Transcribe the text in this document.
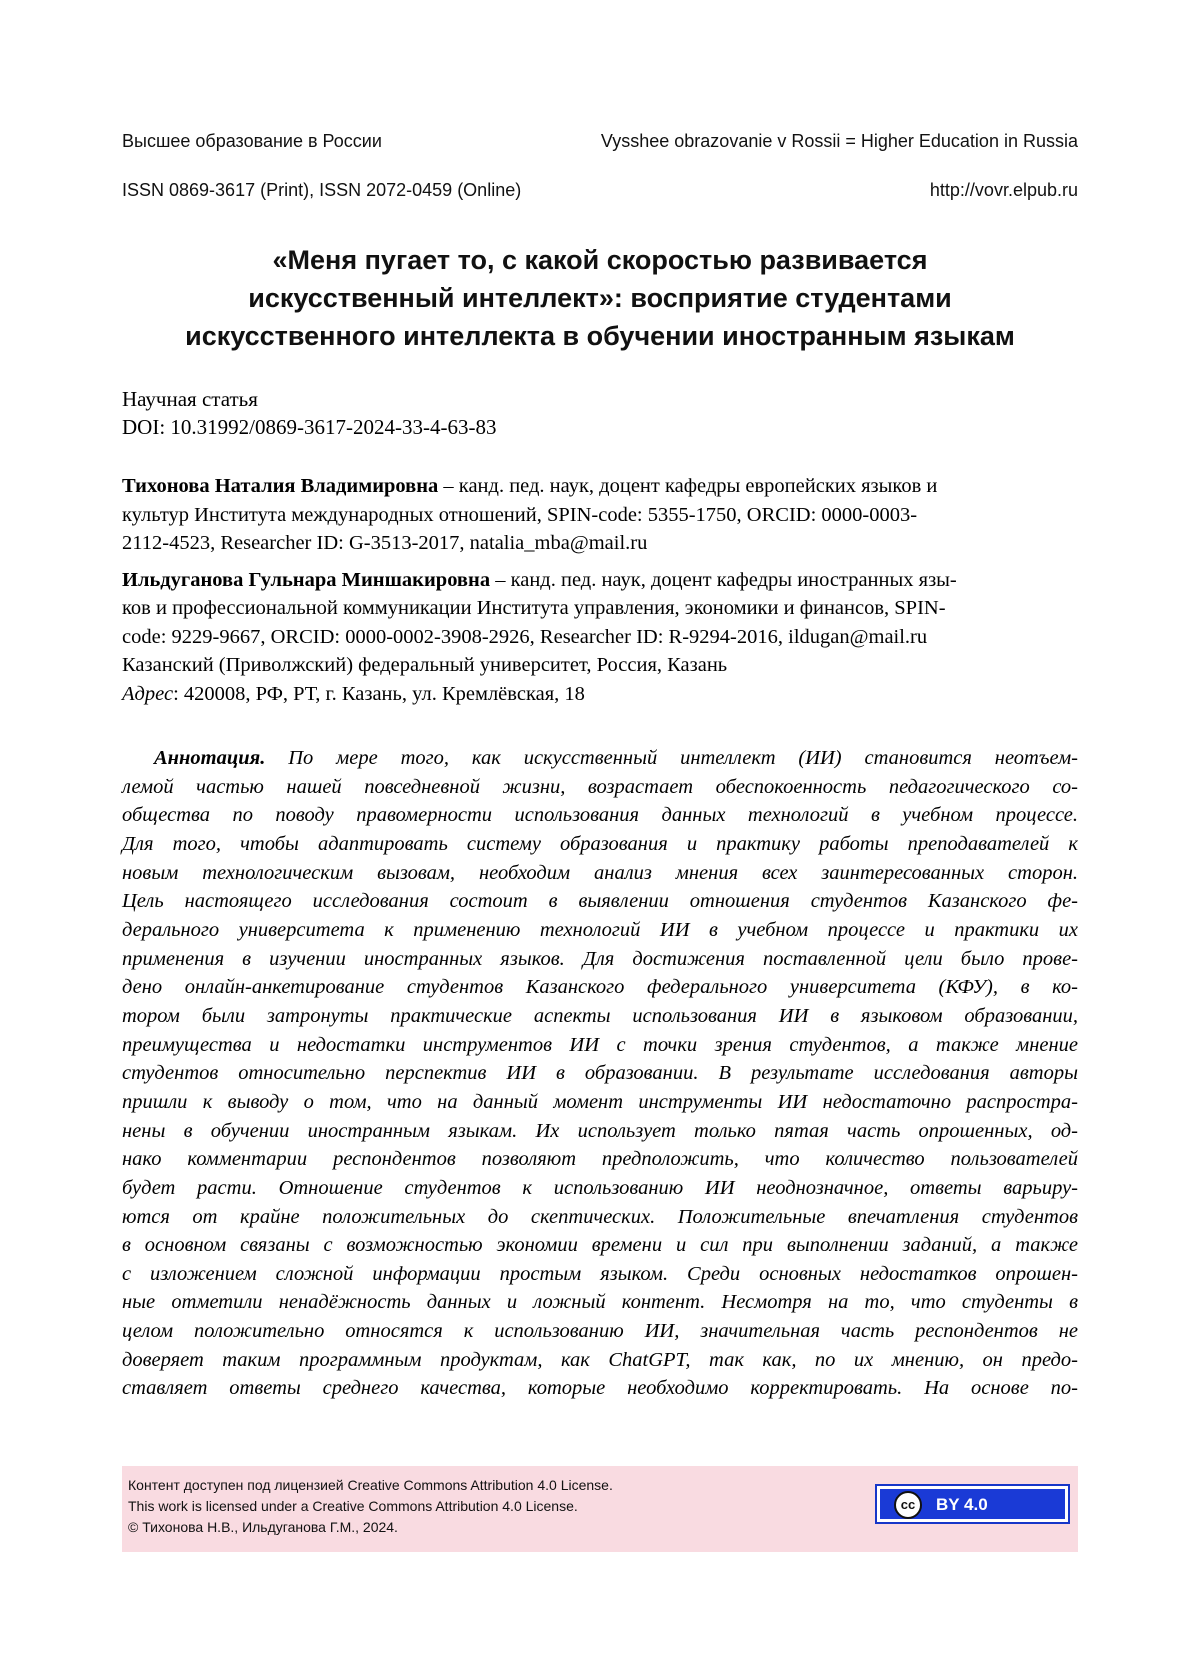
Высшее образование в России	Vysshee obrazovanie v Rossii = Higher Education in Russia
ISSN 0869-3617 (Print), ISSN 2072-0459 (Online)	http://vovr.elpub.ru
«Меня пугает то, с какой скоростью развивается
искусственный интеллект»: восприятие студентами
искусственного интеллекта в обучении иностранным языкам
Научная статья
DOI: 10.31992/0869-3617-2024-33-4-63-83

Тихонова Наталия Владимировна – канд. пед. наук, доцент кафедры европейских языков и
культур Института международных отношений, SPIN-code: 5355-1750, ORCID: 0000-0003-
2112-4523, Researcher ID: G-3513-2017, natalia_mba@mail.ru

Ильдуганова Гульнара Миншакировна – канд. пед. наук, доцент кафедры иностранных язы-
ков и профессиональной коммуникации Института управления, экономики и финансов, SPIN-
code: 9229-9667, ORCID: 0000-0002-3908-2926, Researcher ID: R-9294-2016, ildugan@mail.ru
Казанский (Приволжский) федеральный университет, Россия, Казань
Адрес: 420008, РФ, РТ, г. Казань, ул. Кремлёвская, 18

Аннотация. По мере того, как искусственный интеллект (ИИ) становится неотъем-
лемой частью нашей повседневной жизни, возрастает обеспокоенность педагогического со-
общества по поводу правомерности использования данных технологий в учебном процессе.
Для того, чтобы адаптировать систему образования и практику работы преподавателей к
новым технологическим вызовам, необходим анализ мнения всех заинтересованных сторон.
Цель настоящего исследования состоит в выявлении отношения студентов Казанского фе-
дерального университета к применению технологий ИИ в учебном процессе и практики их
применения в изучении иностранных языков. Для достижения поставленной цели было прове-
дено онлайн-анкетирование студентов Казанского федерального университета (КФУ), в ко-
тором были затронуты практические аспекты использования ИИ в языковом образовании,
преимущества и недостатки инструментов ИИ с точки зрения студентов, а также мнение
студентов относительно перспектив ИИ в образовании. В результате исследования авторы
пришли к выводу о том, что на данный момент инструменты ИИ недостаточно распростра-
нены в обучении иностранным языкам. Их использует только пятая часть опрошенных, од-
нако комментарии респондентов позволяют предположить, что количество пользователей
будет расти. Отношение студентов к использованию ИИ неоднозначное, ответы варьиру-
ются от крайне положительных до скептических. Положительные впечатления студентов
в основном связаны с возможностью экономии времени и сил при выполнении заданий, а также
с изложением сложной информации простым языком. Среди основных недостатков опрошен-
ные отметили ненадёжность данных и ложный контент. Несмотря на то, что студенты в
целом положительно относятся к использованию ИИ, значительная часть респондентов не
доверяет таким программным продуктам, как ChatGPT, так как, по их мнению, он предо-
ставляет ответы среднего качества, которые необходимо корректировать. На основе по-
Контент доступен под лицензией Creative Commons Attribution 4.0 License.
This work is licensed under a Creative Commons Attribution 4.0 License.
© Тихонова Н.В., Ильдуганова Г.М., 2024.
cc	BY 4.0
